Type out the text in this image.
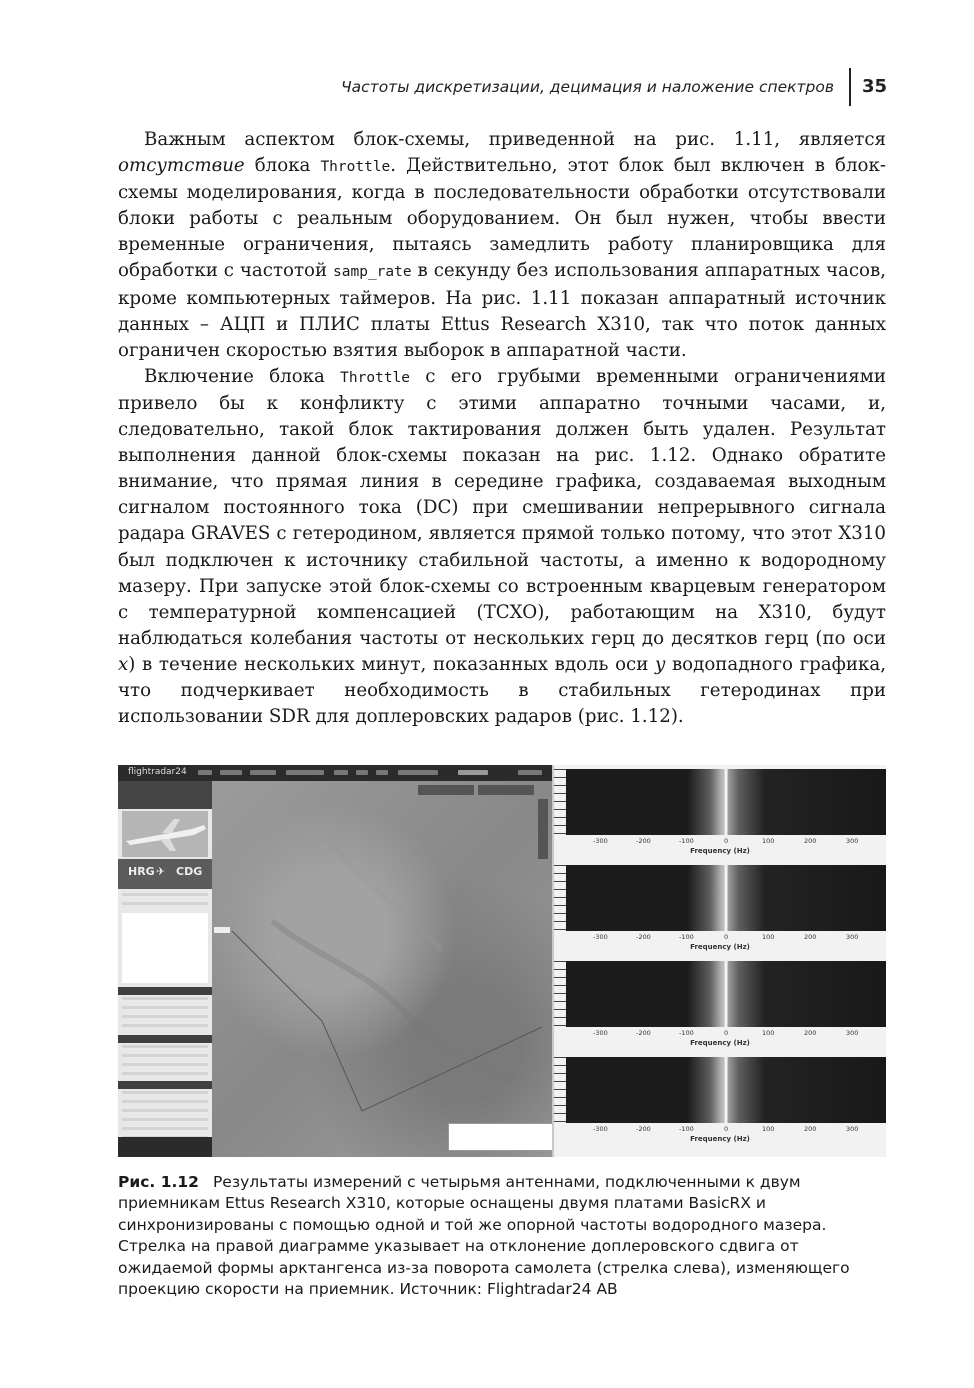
Частоты дискретизации, децимация и наложение спектров 35

Важным аспектом блок-схемы, приведенной на рис. 1.11, является отсутствие блока Throttle. Действительно, этот блок был включен в блок-схемы моделирования, когда в последовательности обработки отсутствовали блоки работы с реальным оборудованием. Он был нужен, чтобы ввести временные ограничения, пытаясь замедлить работу планировщика для обработки с частотой samp_rate в секунду без использования аппаратных часов, кроме компьютерных таймеров. На рис. 1.11 показан аппаратный источник данных – АЦП и ПЛИС платы Ettus Research X310, так что поток данных ограничен скоростью взятия выборок в аппаратной части.

Включение блока Throttle с его грубыми временными ограничениями привело бы к конфликту с этими аппаратно точными часами, и, следовательно, такой блок тактирования должен быть удален. Результат выполнения данной блок-схемы показан на рис. 1.12. Однако обратите внимание, что прямая линия в середине графика, создаваемая выходным сигналом постоянного тока (DC) при смешивании непрерывного сигнала радара GRAVES с гетеродином, является прямой только потому, что этот X310 был подключен к источнику стабильной частоты, а именно к водородному мазеру. При запуске этой блок-схемы со встроенным кварцевым генератором с температурной компенсацией (TCXO), работающим на X310, будут наблюдаться колебания частоты от нескольких герц до десятков герц (по оси x) в течение нескольких минут, показанных вдоль оси y водопадного графика, что подчеркивает необходимость в стабильных гетеродинах при использовании SDR для доплеровских радаров (рис. 1.12).

flightradar24
HRG ✈ CDG
-300	-200	-100	0	100	200	300
Frequency (Hz)
-300	-200	-100	0	100	200	300
Frequency (Hz)
-300	-200	-100	0	100	200	300
Frequency (Hz)
-300	-200	-100	0	100	200	300
Frequency (Hz)
Рис. 1.12 Результаты измерений с четырьмя антеннами, подключенными к двум приемникам Ettus Research X310, которые оснащены двумя платами BasicRX и синхронизированы с помощью одной и той же опорной частоты водородного мазера. Стрелка на правой диаграмме указывает на отклонение доплеровского сдвига от ожидаемой формы арктангенса из-за поворота самолета (стрелка слева), изменяющего проекцию скорости на приемник. Источник: Flightradar24 AB
